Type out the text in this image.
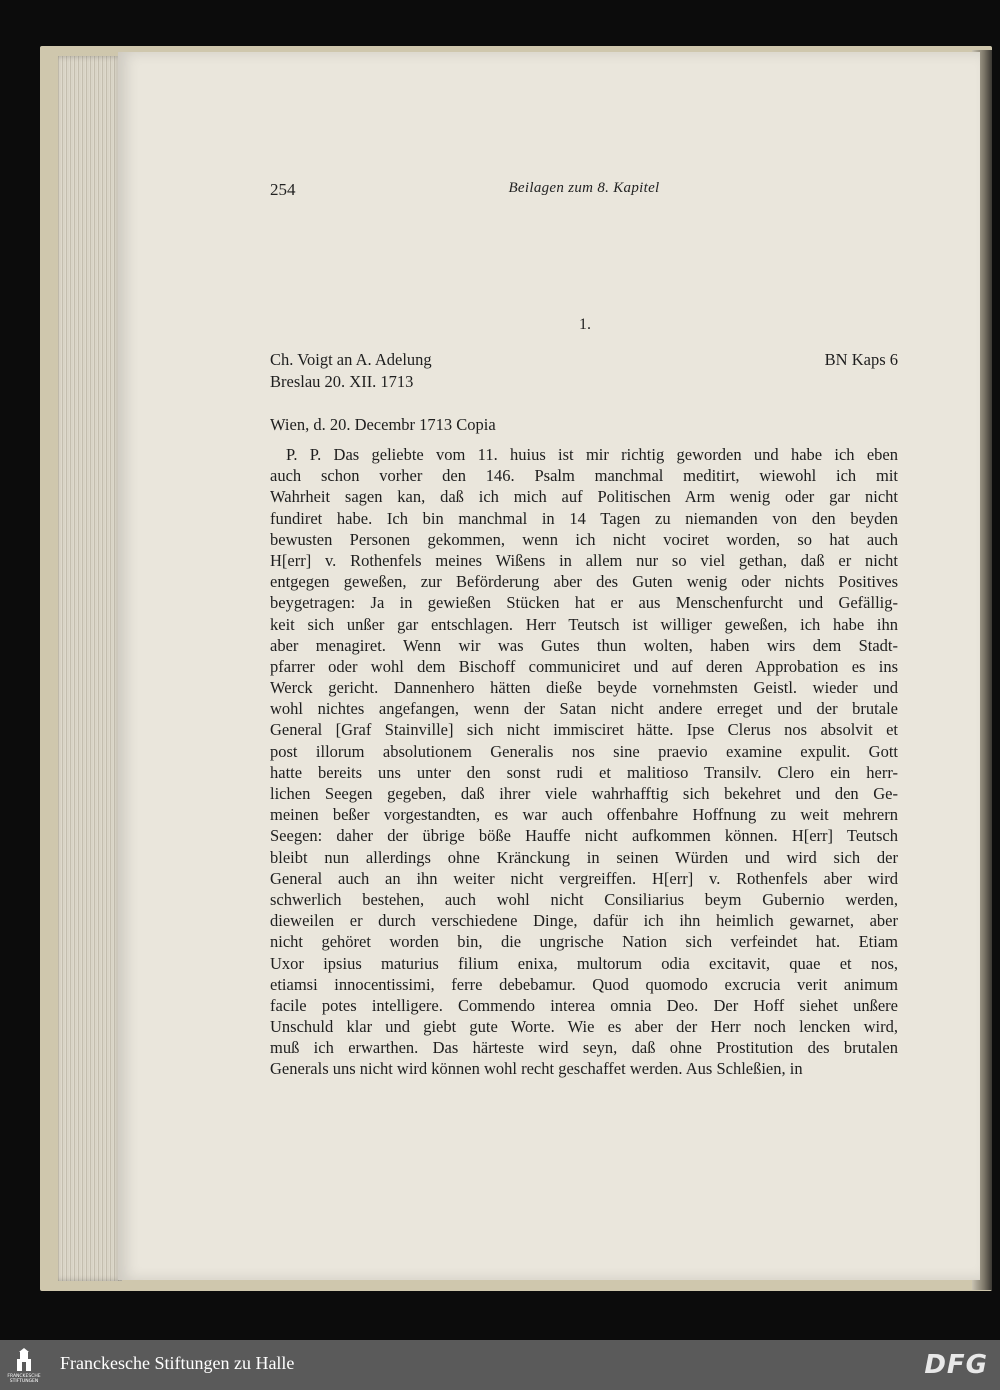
254	Beilagen zum 8. Kapitel
1.
Ch. Voigt an A. Adelung
Breslau 20. XII. 1713
BN Kaps 6
Wien, d. 20. Decembr 1713 Copia
P. P. Das geliebte vom 11. huius ist mir richtig geworden und habe ich eben
auch schon vorher den 146. Psalm manchmal meditirt, wiewohl ich mit
Wahrheit sagen kan, daß ich mich auf Politischen Arm wenig oder gar nicht
fundiret habe. Ich bin manchmal in 14 Tagen zu niemanden von den beyden
bewusten Personen gekommen, wenn ich nicht vociret worden, so hat auch
H[err] v. Rothenfels meines Wißens in allem nur so viel gethan, daß er nicht
entgegen geweßen, zur Beförderung aber des Guten wenig oder nichts Positives
beygetragen: Ja in gewießen Stücken hat er aus Menschenfurcht und Gefällig-
keit sich unßer gar entschlagen. Herr Teutsch ist williger geweßen, ich habe ihn
aber menagiret. Wenn wir was Gutes thun wolten, haben wirs dem Stadt-
pfarrer oder wohl dem Bischoff communiciret und auf deren Approbation es ins
Werck gericht. Dannenhero hätten dieße beyde vornehmsten Geistl. wieder und
wohl nichtes angefangen, wenn der Satan nicht andere erreget und der brutale
General [Graf Stainville] sich nicht immisciret hätte. Ipse Clerus nos absolvit et
post illorum absolutionem Generalis nos sine praevio examine expulit. Gott
hatte bereits uns unter den sonst rudi et malitioso Transilv. Clero ein herr-
lichen Seegen gegeben, daß ihrer viele wahrhafftig sich bekehret und den Ge-
meinen beßer vorgestandten, es war auch offenbahre Hoffnung zu weit mehrern
Seegen: daher der übrige böße Hauffe nicht aufkommen können. H[err] Teutsch
bleibt nun allerdings ohne Kränckung in seinen Würden und wird sich der
General auch an ihn weiter nicht vergreiffen. H[err] v. Rothenfels aber wird
schwerlich bestehen, auch wohl nicht Consiliarius beym Gubernio werden,
dieweilen er durch verschiedene Dinge, dafür ich ihn heimlich gewarnet, aber
nicht gehöret worden bin, die ungrische Nation sich verfeindet hat. Etiam
Uxor ipsius maturius filium enixa, multorum odia excitavit, quae et nos,
etiamsi innocentissimi, ferre debebamur. Quod quomodo excrucia verit animum
facile potes intelligere. Commendo interea omnia Deo. Der Hoff siehet unßere
Unschuld klar und giebt gute Worte. Wie es aber der Herr noch lencken wird,
muß ich erwarthen. Das härteste wird seyn, daß ohne Prostitution des brutalen
Generals uns nicht wird können wohl recht geschaffet werden. Aus Schleßien, in
FRANCKESCHE
STIFTUNGEN
Franckesche Stiftungen zu Halle	DFG
